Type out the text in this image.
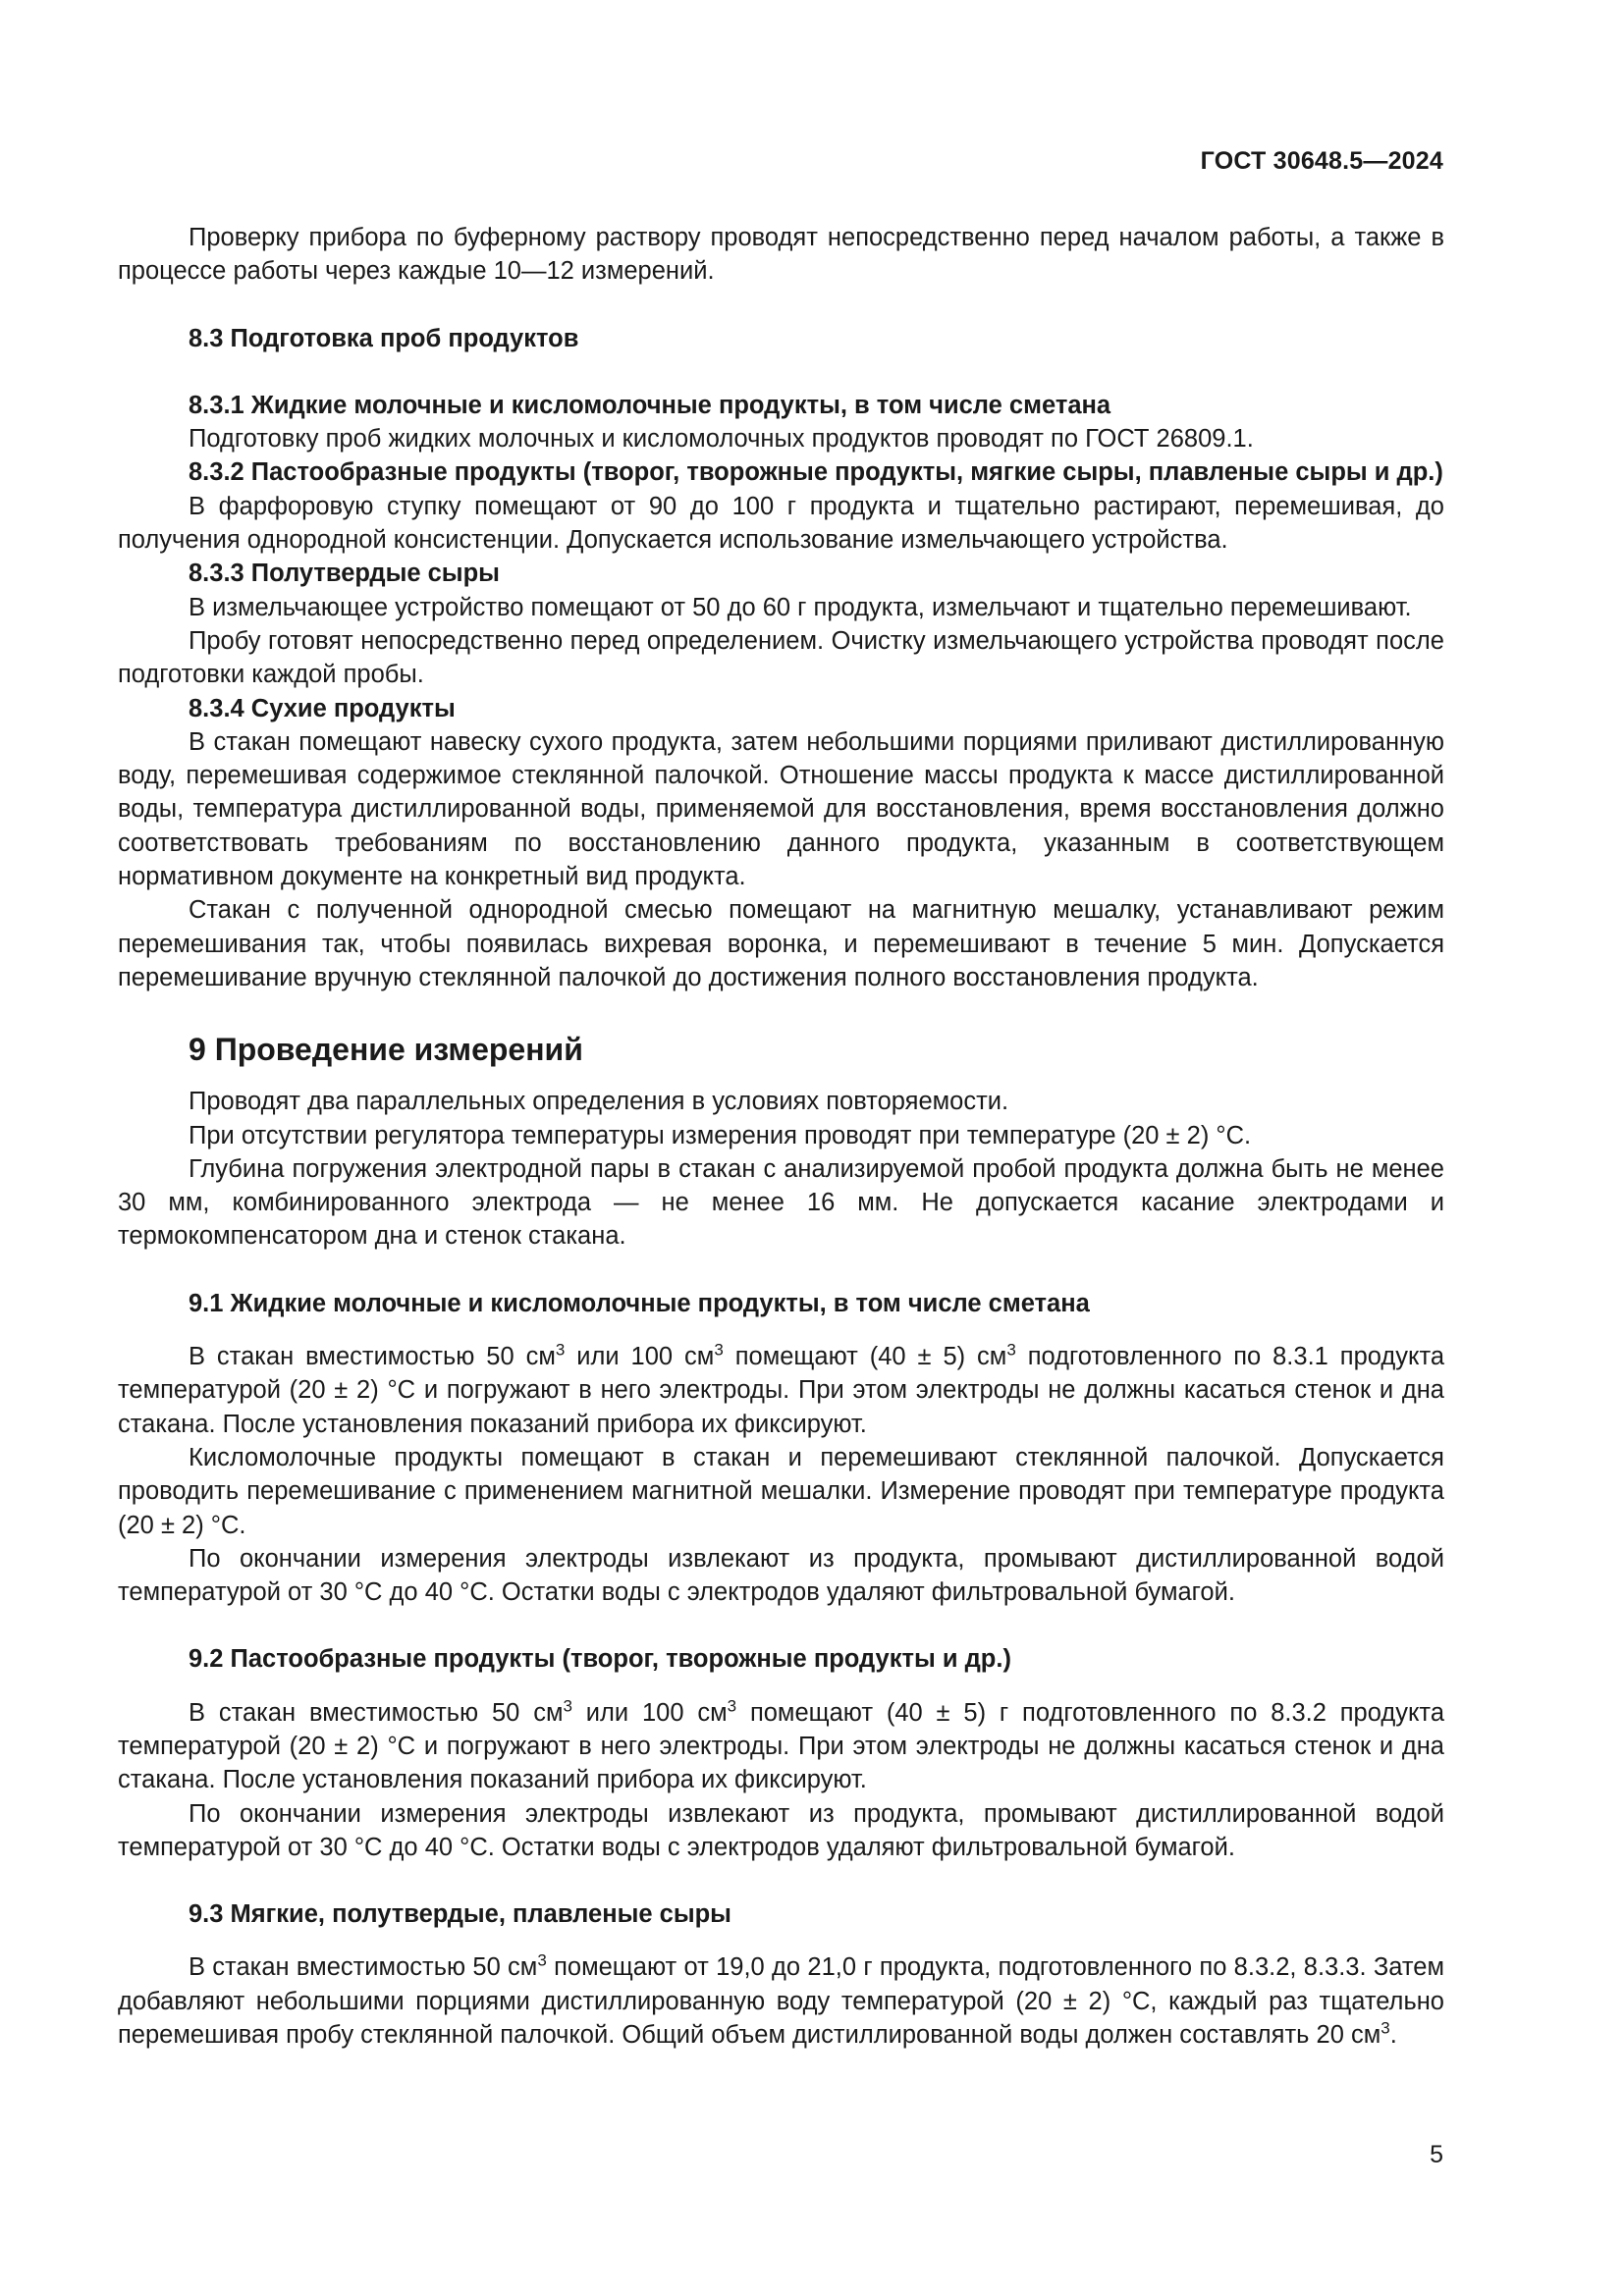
ГОСТ 30648.5—2024

Проверку прибора по буферному раствору проводят непосредственно перед началом работы, а также в процессе работы через каждые 10—12 измерений.

8.3 Подготовка проб продуктов

8.3.1 Жидкие молочные и кисломолочные продукты, в том числе сметана

Подготовку проб жидких молочных и кисломолочных продуктов проводят по ГОСТ 26809.1.

8.3.2 Пастообразные продукты (творог, творожные продукты, мягкие сыры, плавленые сыры и др.)

В фарфоровую ступку помещают от 90 до 100 г продукта и тщательно растирают, перемешивая, до получения однородной консистенции. Допускается использование измельчающего устройства.

8.3.3 Полутвердые сыры

В измельчающее устройство помещают от 50 до 60 г продукта, измельчают и тщательно перемешивают.

Пробу готовят непосредственно перед определением. Очистку измельчающего устройства проводят после подготовки каждой пробы.

8.3.4 Сухие продукты

В стакан помещают навеску сухого продукта, затем небольшими порциями приливают дистиллированную воду, перемешивая содержимое стеклянной палочкой. Отношение массы продукта к массе дистиллированной воды, температура дистиллированной воды, применяемой для восстановления, время восстановления должно соответствовать требованиям по восстановлению данного продукта, указанным в соответствующем нормативном документе на конкретный вид продукта.

Стакан с полученной однородной смесью помещают на магнитную мешалку, устанавливают режим перемешивания так, чтобы появилась вихревая воронка, и перемешивают в течение 5 мин. Допускается перемешивание вручную стеклянной палочкой до достижения полного восстановления продукта.

9 Проведение измерений

Проводят два параллельных определения в условиях повторяемости.

При отсутствии регулятора температуры измерения проводят при температуре (20 ± 2) °С.

Глубина погружения электродной пары в стакан с анализируемой пробой продукта должна быть не менее 30 мм, комбинированного электрода — не менее 16 мм. Не допускается касание электродами и термокомпенсатором дна и стенок стакана.

9.1 Жидкие молочные и кисломолочные продукты, в том числе сметана

В стакан вместимостью 50 $см^3$ или 100 $см^3$ помещают (40 ± 5) $см^3$ подготовленного по 8.3.1 продукта температурой (20 ± 2) °С и погружают в него электроды. При этом электроды не должны касаться стенок и дна стакана. После установления показаний прибора их фиксируют.

Кисломолочные продукты помещают в стакан и перемешивают стеклянной палочкой. Допускается проводить перемешивание с применением магнитной мешалки. Измерение проводят при температуре продукта (20 ± 2) °С.

По окончании измерения электроды извлекают из продукта, промывают дистиллированной водой температурой от 30 °С до 40 °С. Остатки воды с электродов удаляют фильтровальной бумагой.

9.2 Пастообразные продукты (творог, творожные продукты и др.)

В стакан вместимостью 50 $см^3$ или 100 $см^3$ помещают (40 ± 5) г подготовленного по 8.3.2 продукта температурой (20 ± 2) °С и погружают в него электроды. При этом электроды не должны касаться стенок и дна стакана. После установления показаний прибора их фиксируют.

По окончании измерения электроды извлекают из продукта, промывают дистиллированной водой температурой от 30 °С до 40 °С. Остатки воды с электродов удаляют фильтровальной бумагой.

9.3 Мягкие, полутвердые, плавленые сыры

В стакан вместимостью 50 $см^3$ помещают от 19,0 до 21,0 г продукта, подготовленного по 8.3.2, 8.3.3. Затем добавляют небольшими порциями дистиллированную воду температурой (20 ± 2) °С, каждый раз тщательно перемешивая пробу стеклянной палочкой. Общий объем дистиллированной воды должен составлять 20 $см^3$.

5
